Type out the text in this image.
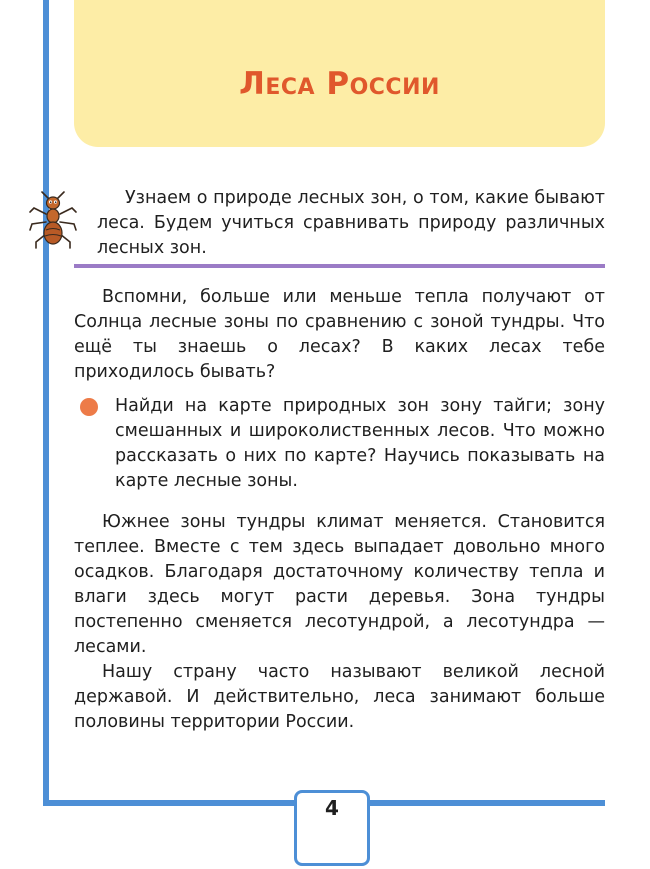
Леса России

Узнаем о природе лесных зон, о том, какие бывают леса. Будем учиться сравнивать природу различных лесных зон.

Вспомни, больше или меньше тепла получают от Солнца лесные зоны по сравнению с зоной тундры. Что ещё ты знаешь о лесах? В каких лесах тебе приходилось бывать?

Найди на карте природных зон зону тайги; зону смешанных и широколиственных лесов. Что можно рассказать о них по карте? Научись показывать на карте лесные зоны.

Южнее зоны тундры климат меняется. Становится теплее. Вместе с тем здесь выпадает довольно много осадков. Благодаря достаточному количеству тепла и влаги здесь могут расти деревья. Зона тундры постепенно сменяется лесотундрой, а лесотундра — лесами.

Нашу страну часто называют великой лесной державой. И действительно, леса занимают больше половины территории России.

4
